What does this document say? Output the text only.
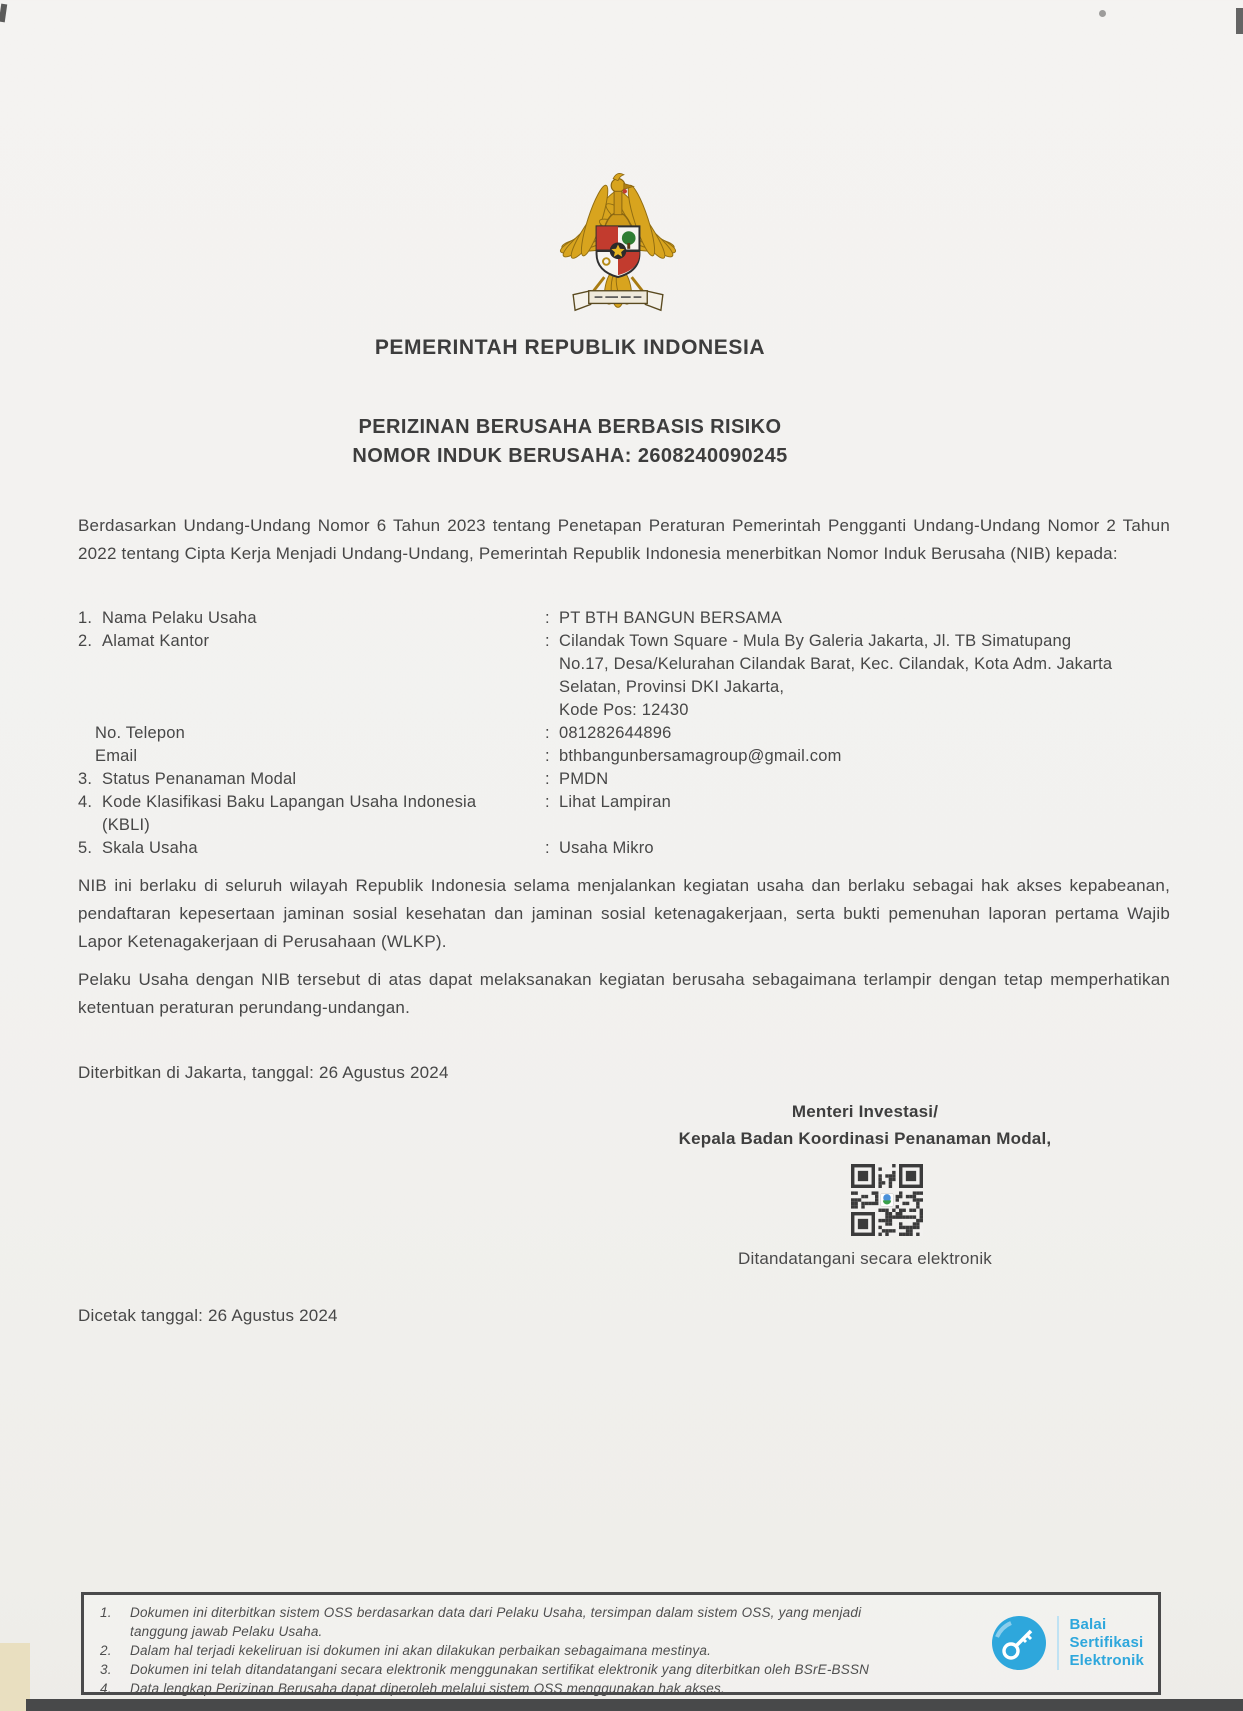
PEMERINTAH REPUBLIK INDONESIA
PERIZINAN BERUSAHA BERBASIS RISIKO
NOMOR INDUK BERUSAHA: 2608240090245
Berdasarkan Undang-Undang Nomor 6 Tahun 2023 tentang Penetapan Peraturan Pemerintah Pengganti Undang-Undang Nomor 2 Tahun 2022 tentang Cipta Kerja Menjadi Undang-Undang, Pemerintah Republik Indonesia menerbitkan Nomor Induk Berusaha (NIB) kepada:
1. Nama Pelaku Usaha	: PT BTH BANGUN BERSAMA
2. Alamat Kantor	: Cilandak Town Square - Mula By Galeria Jakarta, Jl. TB Simatupang
No.17, Desa/Kelurahan Cilandak Barat, Kec. Cilandak, Kota Adm. Jakarta
Selatan, Provinsi DKI Jakarta,
Kode Pos: 12430
No. Telepon	: 081282644896
Email	: bthbangunbersamagroup@gmail.com
3. Status Penanaman Modal	: PMDN
4. Kode Klasifikasi Baku Lapangan Usaha Indonesia
(KBLI)
: Lihat Lampiran
5. Skala Usaha	: Usaha Mikro
NIB ini berlaku di seluruh wilayah Republik Indonesia selama menjalankan kegiatan usaha dan berlaku sebagai hak akses kepabeanan, pendaftaran kepesertaan jaminan sosial kesehatan dan jaminan sosial ketenagakerjaan, serta bukti pemenuhan laporan pertama Wajib Lapor Ketenagakerjaan di Perusahaan (WLKP).
Pelaku Usaha dengan NIB tersebut di atas dapat melaksanakan kegiatan berusaha sebagaimana terlampir dengan tetap memperhatikan ketentuan peraturan perundang-undangan.
Diterbitkan di Jakarta, tanggal: 26 Agustus 2024
Menteri Investasi/
Kepala Badan Koordinasi Penanaman Modal,
Ditandatangani secara elektronik
Dicetak tanggal: 26 Agustus 2024
1.	Dokumen ini diterbitkan sistem OSS berdasarkan data dari Pelaku Usaha, tersimpan dalam sistem OSS, yang menjadi tanggung jawab Pelaku Usaha.
2.	Dalam hal terjadi kekeliruan isi dokumen ini akan dilakukan perbaikan sebagaimana mestinya.
3.	Dokumen ini telah ditandatangani secara elektronik menggunakan sertifikat elektronik yang diterbitkan oleh BSrE-BSSN
4.	Data lengkap Perizinan Berusaha dapat diperoleh melalui sistem OSS menggunakan hak akses.
Balai
Sertifikasi
Elektronik
